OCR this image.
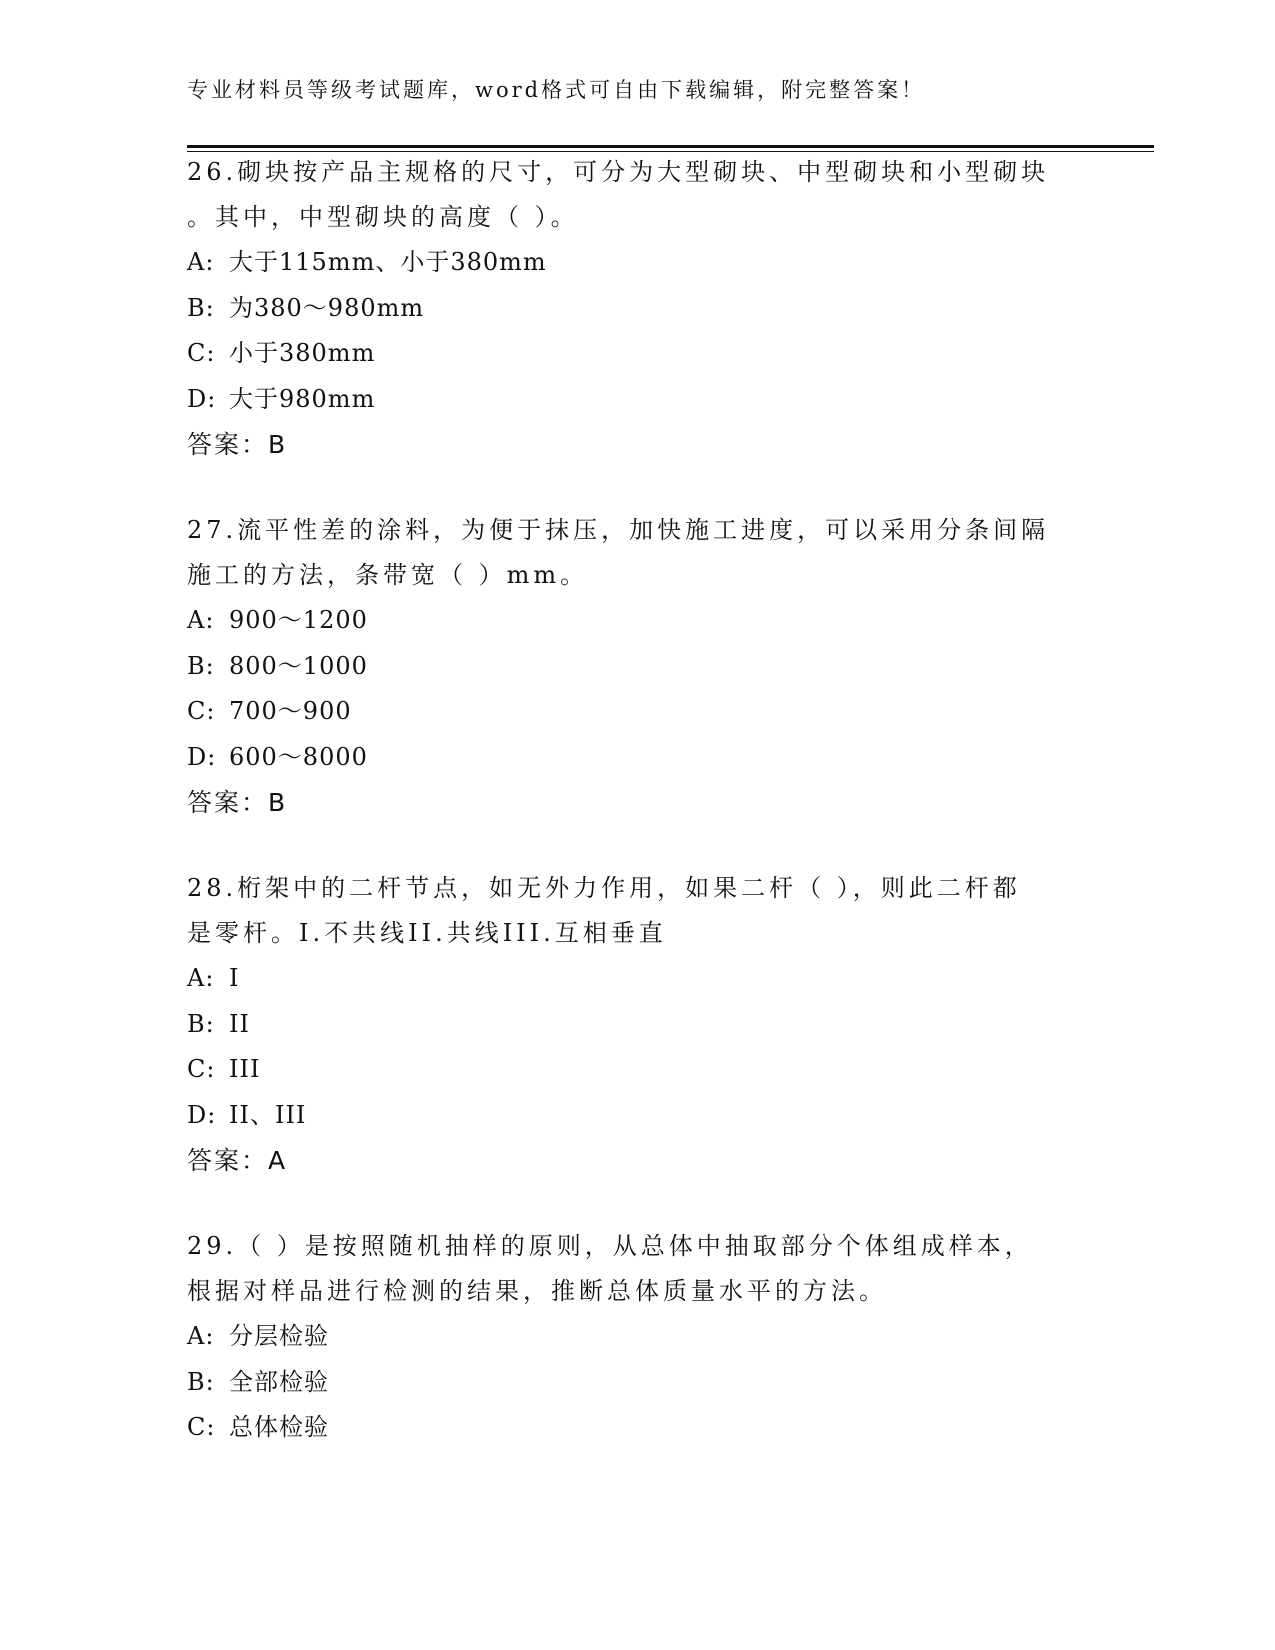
专业材料员等级考试题库，word格式可自由下载编辑，附完整答案！
26.砌块按产品主规格的尺寸，可分为大型砌块、中型砌块和小型砌块
。其中，中型砌块的高度（ ）。
A: 大于115mm、小于380mm
B: 为380～980mm
C: 小于380mm
D: 大于980mm
答案：B
27.流平性差的涂料，为便于抹压，加快施工进度，可以采用分条间隔
施工的方法，条带宽（ ）mm。
A: 900～1200
B: 800～1000
C: 700～900
D: 600～8000
答案：B
28.桁架中的二杆节点，如无外力作用，如果二杆（ ），则此二杆都
是零杆。I.不共线II.共线III.互相垂直
A: I
B: II
C: III
D: II、III
答案：A
29.（ ）是按照随机抽样的原则，从总体中抽取部分个体组成样本，
根据对样品进行检测的结果，推断总体质量水平的方法。
A: 分层检验
B: 全部检验
C: 总体检验
